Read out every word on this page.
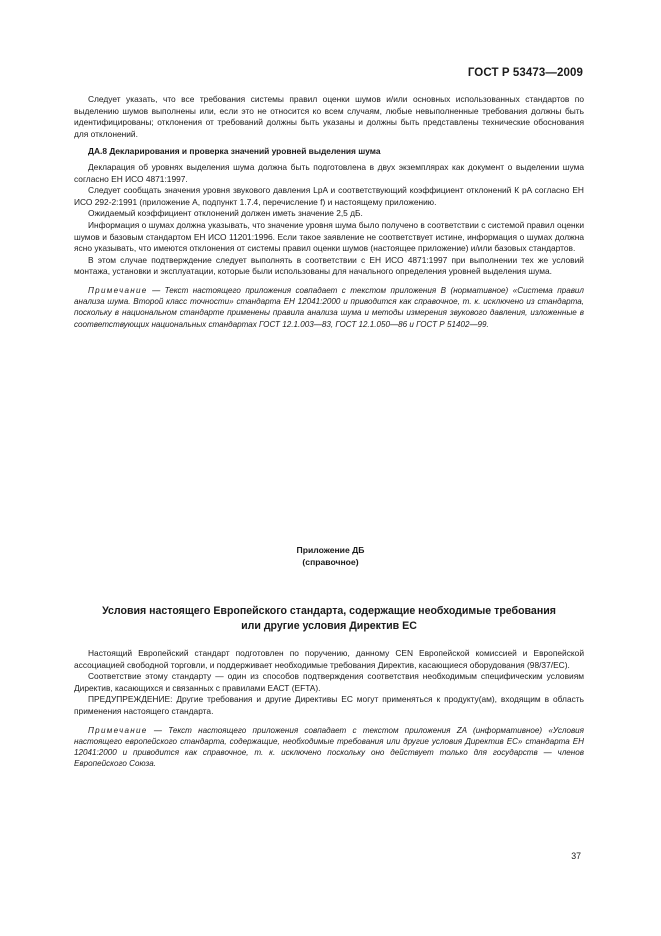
ГОСТ Р 53473—2009

Следует указать, что все требования системы правил оценки шумов и/или основных использованных стандартов по выделению шумов выполнены или, если это не относится ко всем случаям, любые невыполненные требования должны быть идентифицированы; отклонения от требований должны быть указаны и должны быть представлены технические обоснования для отклонений.

ДА.8 Декларирования и проверка значений уровней выделения шума

Декларация об уровнях выделения шума должна быть подготовлена в двух экземплярах как документ о выделении шума согласно ЕН ИСО 4871:1997.

Следует сообщать значения уровня звукового давления LpA и соответствующий коэффициент отклонений К pA согласно ЕН ИСО 292-2:1991 (приложение А, подпункт 1.7.4, перечисление f) и настоящему приложению.

Ожидаемый коэффициент отклонений должен иметь значение 2,5 дБ.

Информация о шумах должна указывать, что значение уровня шума было получено в соответствии с системой правил оценки шумов и базовым стандартом ЕН ИСО 11201:1996. Если такое заявление не соответствует истине, информация о шумах должна ясно указывать, что имеются отклонения от системы правил оценки шумов (настоящее приложение) и/или базовых стандартов.

В этом случае подтверждение следует выполнять в соответствии с ЕН ИСО 4871:1997 при выполнении тех же условий монтажа, установки и эксплуатации, которые были использованы для начального определения уровней выделения шума.

Примечание — Текст настоящего приложения совпадает с текстом приложения В (нормативное) «Система правил анализа шума. Второй класс точности» стандарта ЕН 12041:2000 и приводится как справочное, т. к. исключено из стандарта, поскольку в национальном стандарте применены правила анализа шума и методы измерения звукового давления, изложенные в соответствующих национальных стандартах ГОСТ 12.1.003—83, ГОСТ 12.1.050—86 и ГОСТ Р 51402—99.

Приложение ДБ
(справочное)
Условия настоящего Европейского стандарта, содержащие необходимые требования
или другие условия Директив ЕС

Настоящий Европейский стандарт подготовлен по поручению, данному CEN Европейской комиссией и Европейской ассоциацией свободной торговли, и поддерживает необходимые требования Директив, касающиеся оборудования (98/37/ЕС).

Соответствие этому стандарту — один из способов подтверждения соответствия необходимым специфическим условиям Директив, касающихся и связанных с правилами ЕАСТ (EFTA).

ПРЕДУПРЕЖДЕНИЕ: Другие требования и другие Директивы ЕС могут применяться к продукту(ам), входящим в область применения настоящего стандарта.

Примечание — Текст настоящего приложения совпадает с текстом приложения ZA (информативное) «Условия настоящего европейского стандарта, содержащие, необходимые требования или другие условия Директив ЕС» стандарта ЕН 12041:2000 и приводится как справочное, т. к. исключено поскольку оно действует только для государств — членов Европейского Союза.

37
